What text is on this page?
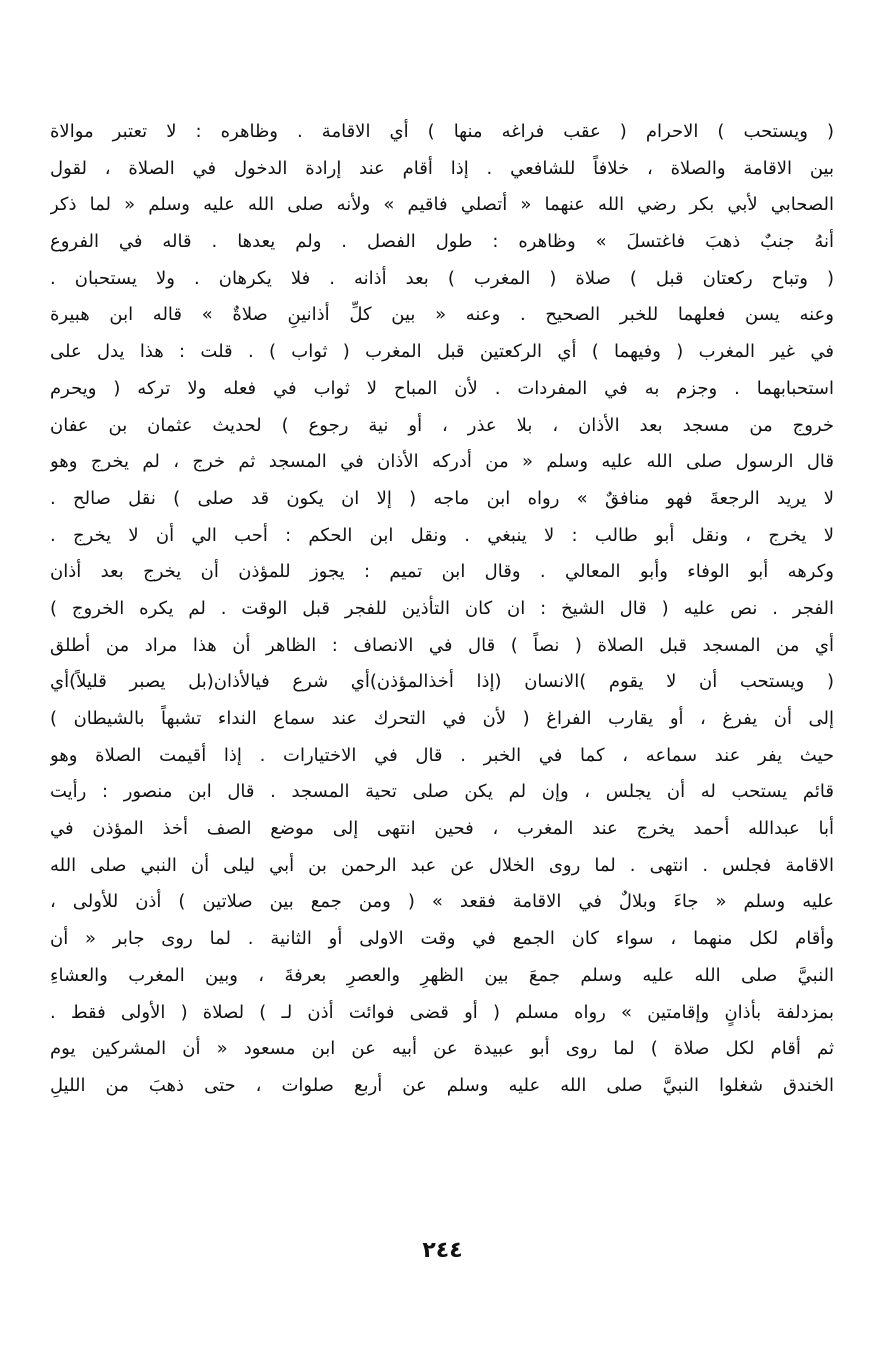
( ويستحب ) الاحرام ( عقب فراغه منها ) أي الاقامة . وظاهره : لا تعتبر موالاة
بين الاقامة والصلاة ، خلافاً للشافعي . إذا أقام عند إرادة الدخول في الصلاة ، لقول
الصحابي لأبي بكر رضي الله عنهما « أتصلي فاقيم » ولأنه صلى الله عليه وسلم « لما ذكر
أنهُ جنبٌ ذهبَ فاغتسلَ » وظاهره : طول الفصل . ولم يعدها . قاله في الفروع
( وتباح ركعتان قبل ) صلاة ( المغرب ) بعد أذانه . فلا يكرهان . ولا يستحبان .
وعنه يسن فعلهما للخبر الصحيح . وعنه « بين كلِّ أذانينِ صلاةٌ » قاله ابن هبيرة
في غير المغرب ( وفيهما ) أي الركعتين قبل المغرب ( ثواب ) . قلت : هذا يدل على
استحبابهما . وجزم به في المفردات . لأن المباح لا ثواب في فعله ولا تركه ( ويحرم
خروج من مسجد بعد الأذان ، بلا عذر ، أو نية رجوع ) لحديث عثمان بن عفان
قال الرسول صلى الله عليه وسلم « من أدركه الأذان في المسجد ثم خرج ، لم يخرج وهو
لا يريد الرجعةَ فهو منافقٌ » رواه ابن ماجه ( إلا ان يكون قد صلى ) نقل صالح .
لا يخرج ، ونقل أبو طالب : لا ينبغي . ونقل ابن الحكم : أحب الي أن لا يخرج .
وكرهه أبو الوفاء وأبو المعالي . وقال ابن تميم : يجوز للمؤذن أن يخرج بعد أذان
الفجر . نص عليه ( قال الشيخ : ان كان التأذين للفجر قبل الوقت . لم يكره الخروج )
أي من المسجد قبل الصلاة ( نصاً ) قال في الانصاف : الظاهر أن هذا مراد من أطلق
( ويستحب أن لا يقوم )الانسان (إذا أخذالمؤذن)أي شرع فيالأذان(بل يصبر قليلاً)أي
إلى أن يفرغ ، أو يقارب الفراغ ( لأن في التحرك عند سماع النداء تشبهاً بالشيطان )
حيث يفر عند سماعه ، كما في الخبر . قال في الاختيارات . إذا أقيمت الصلاة وهو
قائم يستحب له أن يجلس ، وإن لم يكن صلى تحية المسجد . قال ابن منصور : رأيت
أبا عبدالله أحمد يخرج عند المغرب ، فحين انتهى إلى موضع الصف أخذ المؤذن في
الاقامة فجلس . انتهى . لما روى الخلال عن عبد الرحمن بن أبي ليلى أن النبي صلى الله
عليه وسلم « جاءَ وبلالٌ في الاقامة فقعد » ( ومن جمع بين صلاتين ) أذن للأولى ،
وأقام لكل منهما ، سواء كان الجمع في وقت الاولى أو الثانية . لما روى جابر « أن
النبيَّ صلى الله عليه وسلم جمعَ بين الظهرِ والعصرِ بعرفةَ ، وبين المغرب والعشاءِ
بمزدلفة بأذانٍ وإقامتين » رواه مسلم ( أو قضى فوائت أذن لـ ) لصلاة ( الأولى فقط .
ثم أقام لكل صلاة ) لما روى أبو عبيدة عن أبيه عن ابن مسعود « أن المشركين يوم
الخندق شغلوا النبيَّ صلى الله عليه وسلم عن أربع صلوات ، حتى ذهبَ من الليلِ
٢٤٤
